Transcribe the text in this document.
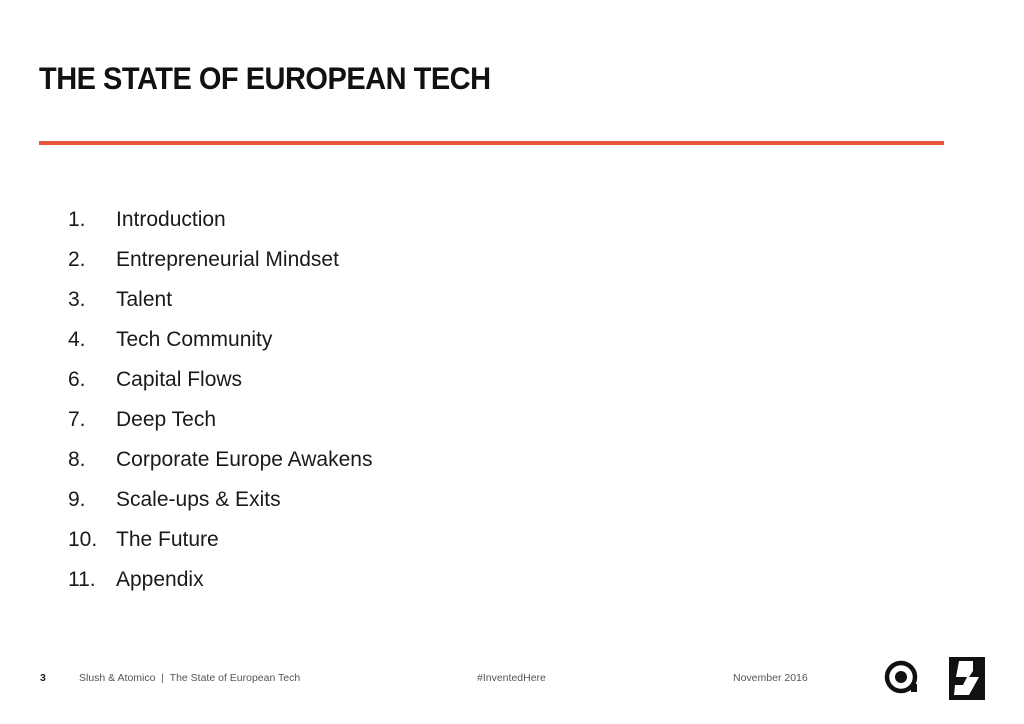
THE STATE OF EUROPEAN TECH
1.	Introduction
2.	Entrepreneurial Mindset
3.	Talent
4.	Tech Community
6.	Capital Flows
7.	Deep Tech
8.	Corporate Europe Awakens
9.	Scale-ups & Exits
10. The Future
11. Appendix
3	Slush & Atomico  |  The State of European Tech	#InventedHere	November 2016
